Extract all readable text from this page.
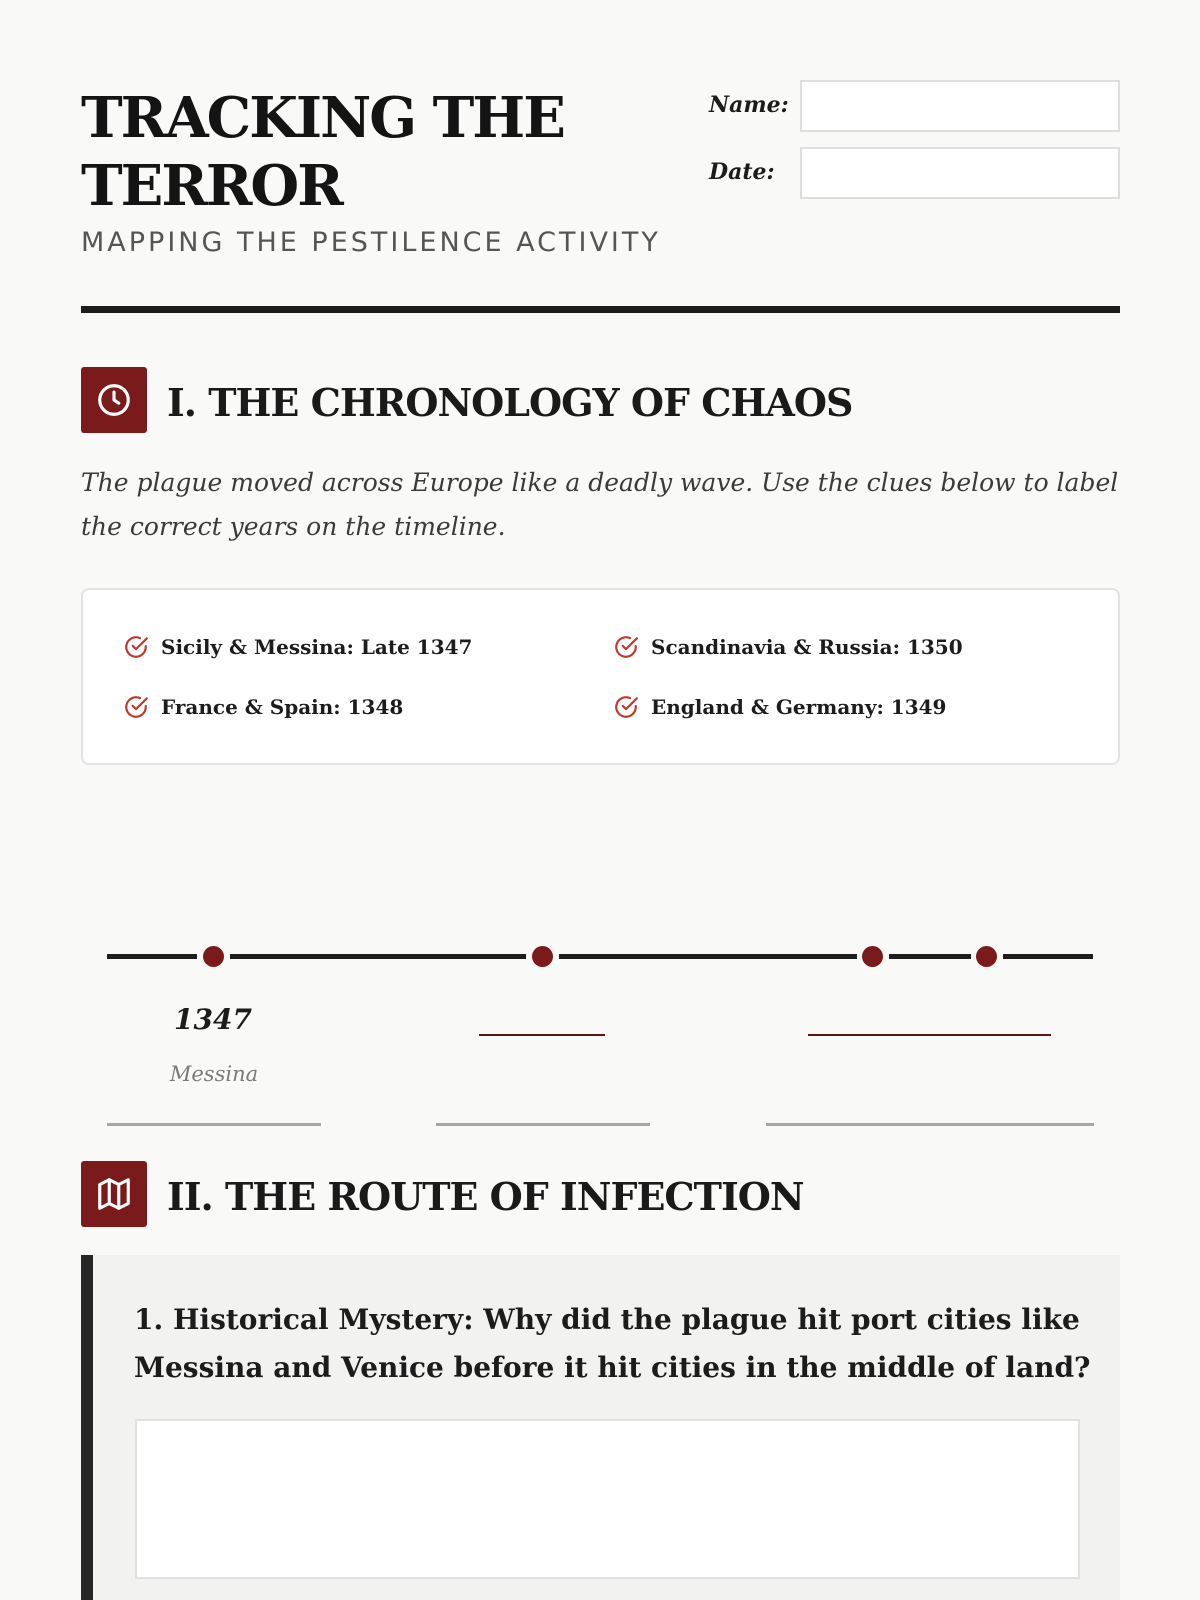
TRACKING THE TERROR
MAPPING THE PESTILENCE ACTIVITY
Name:
Date:
I. THE CHRONOLOGY OF CHAOS

The plague moved across Europe like a deadly wave. Use the clues below to label the correct years on the timeline.

Sicily & Messina: Late 1347	Scandinavia & Russia: 1350
France & Spain: 1348	England & Germany: 1349
1347
Messina
II. THE ROUTE OF INFECTION

1. Historical Mystery: Why did the plague hit port cities like Messina and Venice before it hit cities in the middle of land?
